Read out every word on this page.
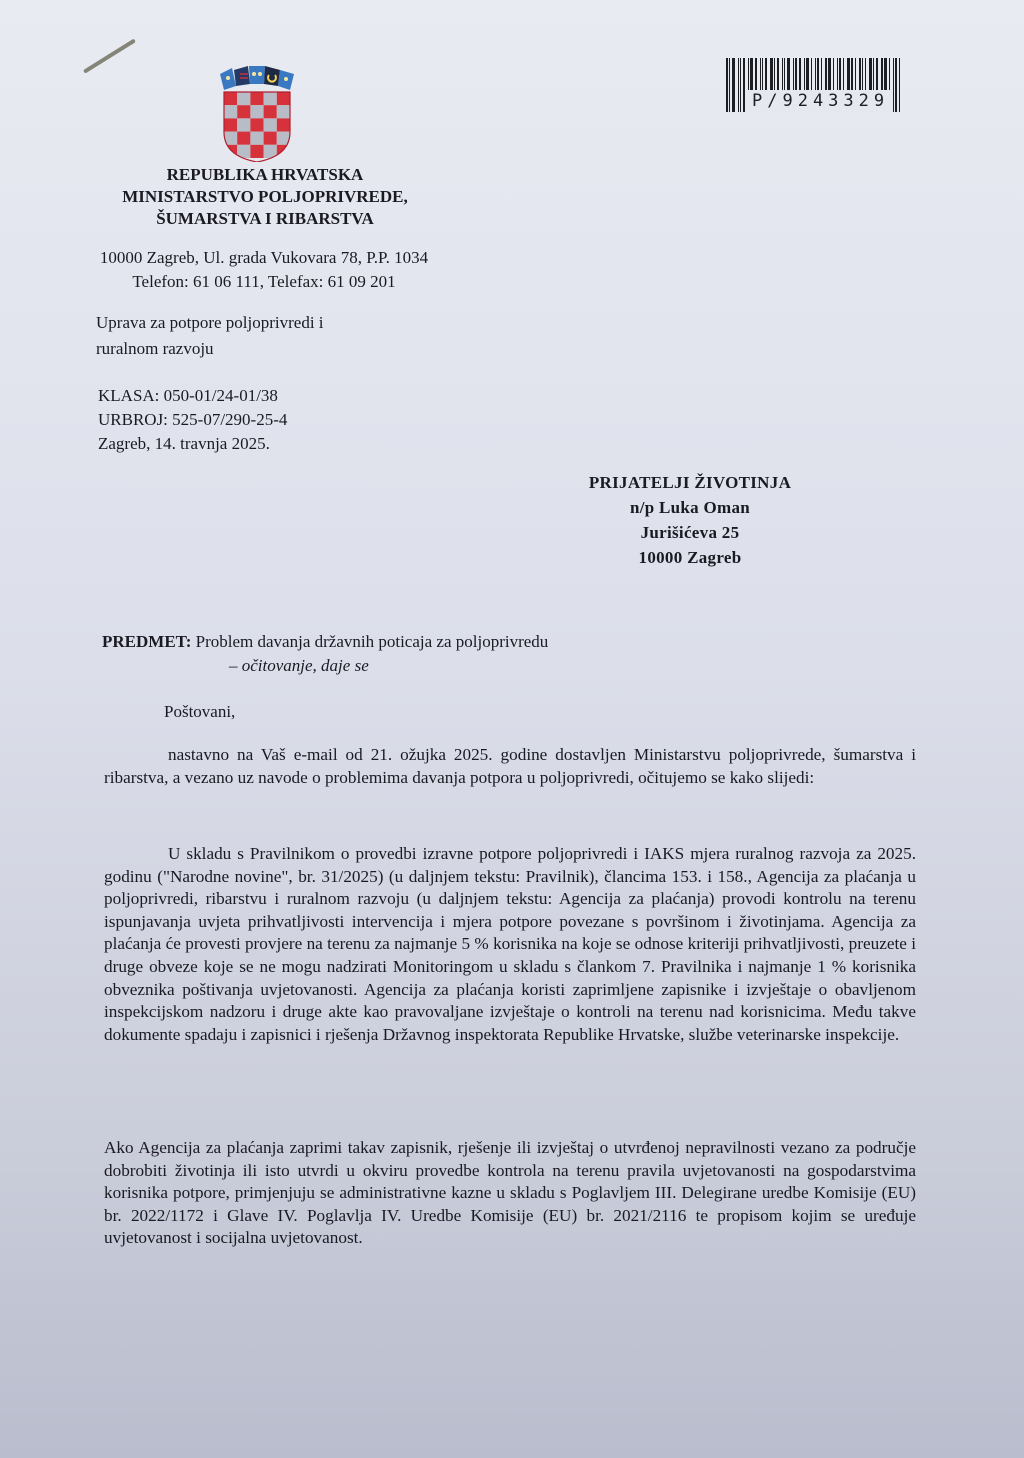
P/9243329
REPUBLIKA HRVATSKA
MINISTARSTVO POLJOPRIVREDE,
ŠUMARSTVA I RIBARSTVA
10000 Zagreb, Ul. grada Vukovara 78, P.P. 1034
Telefon: 61 06 111, Telefax: 61 09 201
Uprava za potpore poljoprivredi i
ruralnom razvoju
KLASA: 050-01/24-01/38
URBROJ: 525-07/290-25-4
Zagreb, 14. travnja 2025.
PRIJATELJI ŽIVOTINJA
n/p Luka Oman
Jurišićeva 25
10000 Zagreb
PREDMET: Problem davanja državnih poticaja za poljoprivredu
– očitovanje, daje se
Poštovani,

nastavno na Vaš e-mail od 21. ožujka 2025. godine dostavljen Ministarstvu poljoprivrede, šumarstva i ribarstva, a vezano uz navode o problemima davanja potpora u poljoprivredi, očitujemo se kako slijedi:

U skladu s Pravilnikom o provedbi izravne potpore poljoprivredi i IAKS mjera ruralnog razvoja za 2025. godinu ("Narodne novine", br. 31/2025) (u daljnjem tekstu: Pravilnik), člancima 153. i 158., Agencija za plaćanja u poljoprivredi, ribarstvu i ruralnom razvoju (u daljnjem tekstu: Agencija za plaćanja) provodi kontrolu na terenu ispunjavanja uvjeta prihvatljivosti intervencija i mjera potpore povezane s površinom i životinjama. Agencija za plaćanja će provesti provjere na terenu za najmanje 5 % korisnika na koje se odnose kriteriji prihvatljivosti, preuzete i druge obveze koje se ne mogu nadzirati Monitoringom u skladu s člankom 7. Pravilnika i najmanje 1 % korisnika obveznika poštivanja uvjetovanosti. Agencija za plaćanja koristi zaprimljene zapisnike i izvještaje o obavljenom inspekcijskom nadzoru i druge akte kao pravovaljane izvještaje o kontroli na terenu nad korisnicima. Među takve dokumente spadaju i zapisnici i rješenja Državnog inspektorata Republike Hrvatske, službe veterinarske inspekcije.

Ako Agencija za plaćanja zaprimi takav zapisnik, rješenje ili izvještaj o utvrđenoj nepravilnosti vezano za područje dobrobiti životinja ili isto utvrdi u okviru provedbe kontrola na terenu pravila uvjetovanosti na gospodarstvima korisnika potpore, primjenjuju se administrativne kazne u skladu s Poglavljem III. Delegirane uredbe Komisije (EU) br. 2022/1172 i Glave IV. Poglavlja IV. Uredbe Komisije (EU) br. 2021/2116 te propisom kojim se uređuje uvjetovanost i socijalna uvjetovanost.
